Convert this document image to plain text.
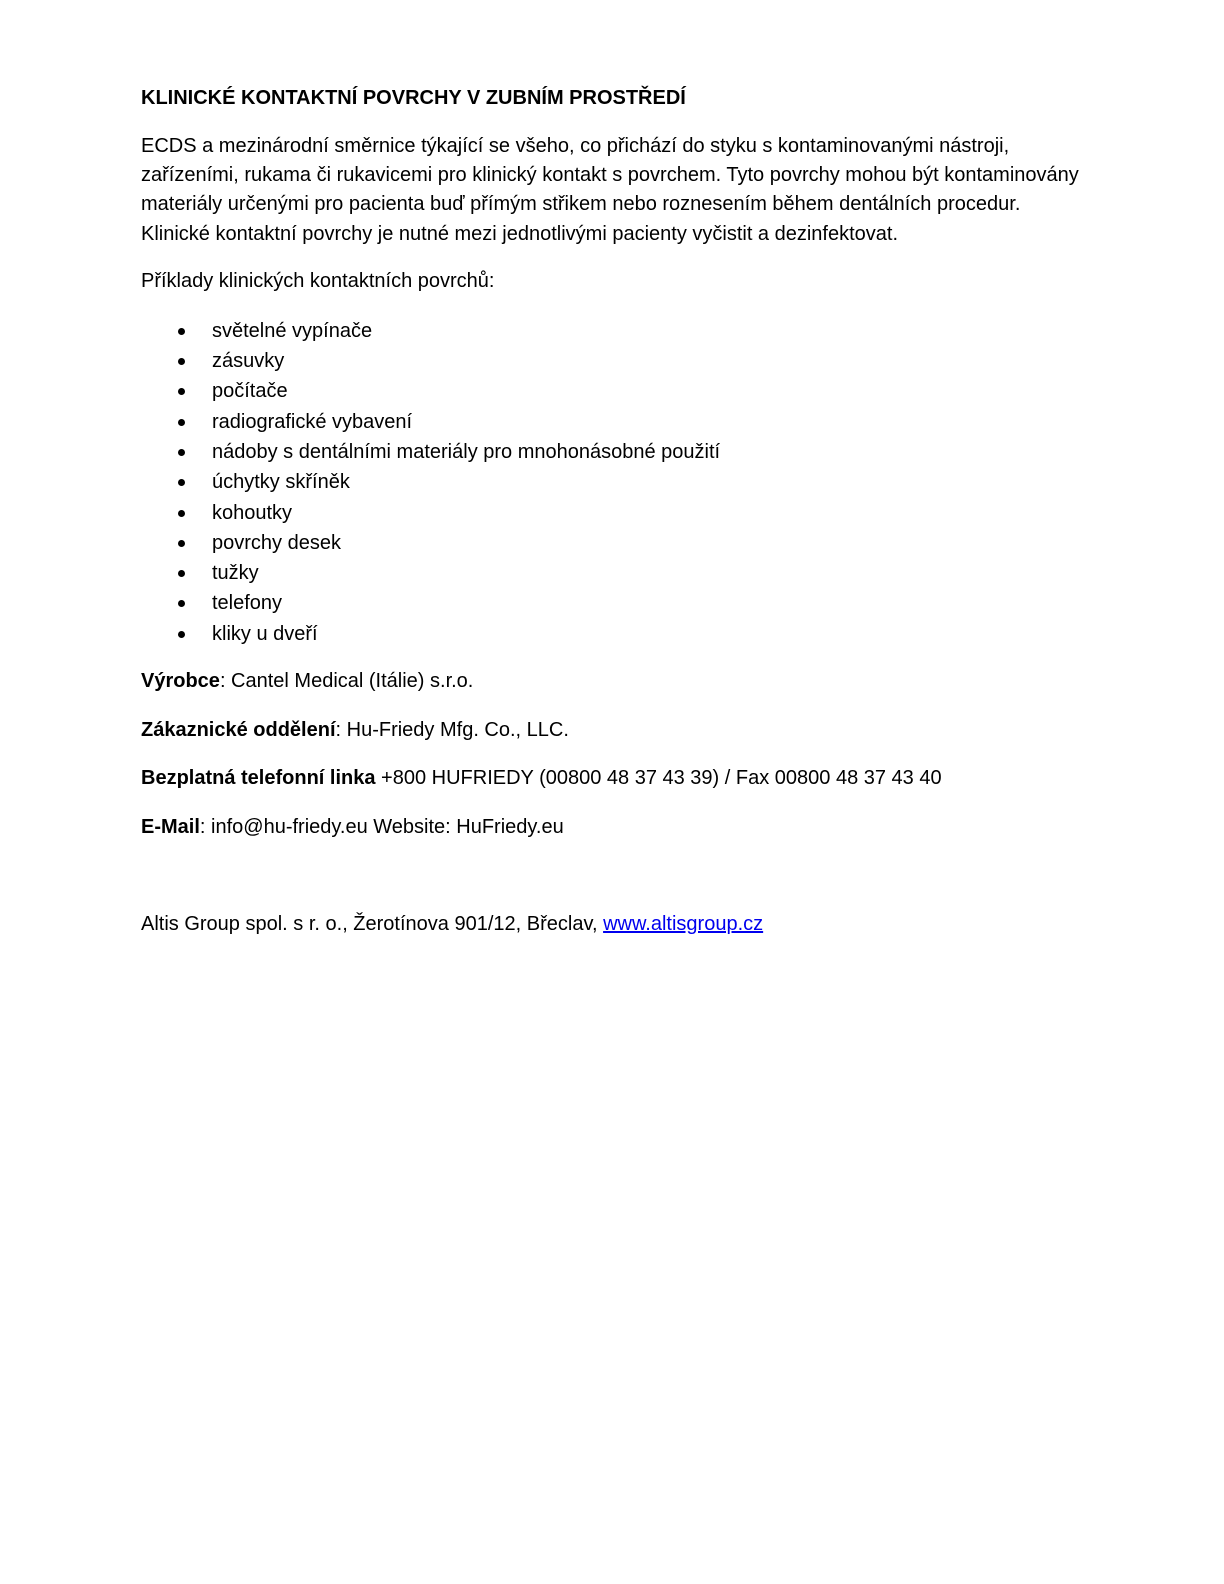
KLINICKÉ KONTAKTNÍ POVRCHY V ZUBNÍM PROSTŘEDÍ

ECDS a mezinárodní směrnice týkající se všeho, co přichází do styku s kontaminovanými nástroji, zařízeními, rukama či rukavicemi pro klinický kontakt s povrchem. Tyto povrchy mohou být kontaminovány materiály určenými pro pacienta buď přímým střikem nebo roznesením během dentálních procedur. Klinické kontaktní povrchy je nutné mezi jednotlivými pacienty vyčistit a dezinfektovat.

Příklady klinických kontaktních povrchů:

světelné vypínače
zásuvky
počítače
radiografické vybavení
nádoby s dentálními materiály pro mnohonásobné použití
úchytky skříněk
kohoutky
povrchy desek
tužky
telefony
kliky u dveří
Výrobce: Cantel Medical (Itálie) s.r.o.
Zákaznické oddělení: Hu-Friedy Mfg. Co., LLC.
Bezplatná telefonní linka +800 HUFRIEDY (00800 48 37 43 39) / Fax 00800 48 37 43 40
E-Mail: info@hu-friedy.eu Website: HuFriedy.eu
Altis Group spol. s r. o., Žerotínova 901/12, Břeclav, www.altisgroup.cz
